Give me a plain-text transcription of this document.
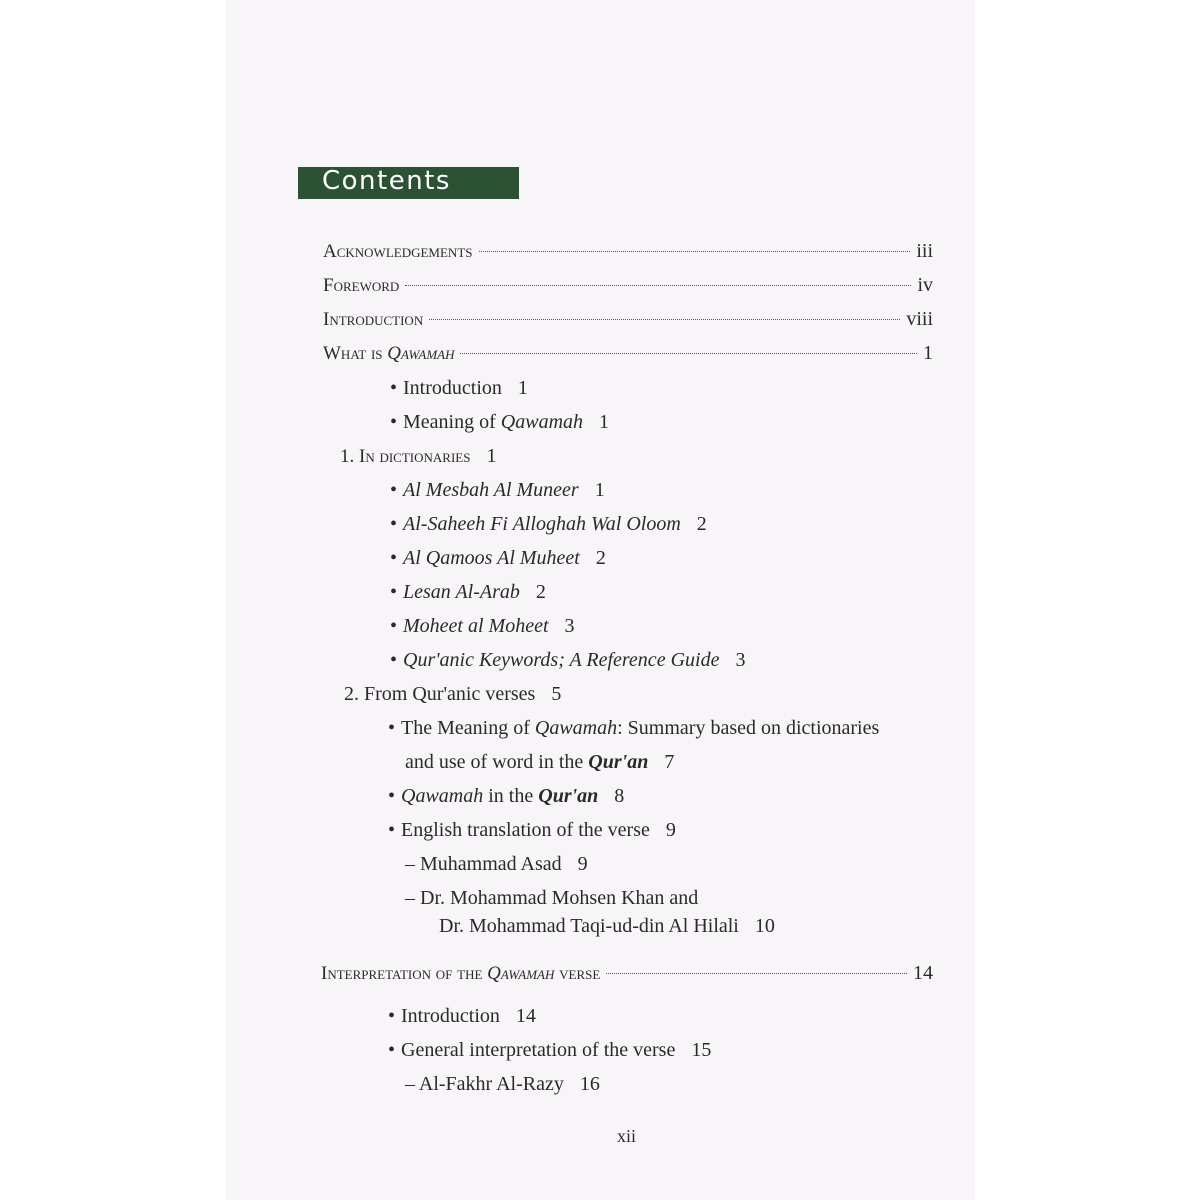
Contents
Acknowledgements	iii
Foreword	iv
Introduction	viii
What is Qawamah	1
• Introduction 1
• Meaning of Qawamah 1
1. In dictionaries 1
• Al Mesbah Al Muneer 1
• Al-Saheeh Fi Alloghah Wal Oloom 2
• Al Qamoos Al Muheet 2
• Lesan Al-Arab 2
• Moheet al Moheet 3
• Qur'anic Keywords; A Reference Guide 3
2. From Qur'anic verses 5
• The Meaning of Qawamah: Summary based on dictionaries
and use of word in the Qur'an 7
• Qawamah in the Qur'an 8
• English translation of the verse 9
– Muhammad Asad 9
– Dr. Mohammad Mohsen Khan and
Dr. Mohammad Taqi-ud-din Al Hilali 10
Interpretation of the Qawamah verse	14
• Introduction 14
• General interpretation of the verse 15
– Al-Fakhr Al-Razy 16
xii
